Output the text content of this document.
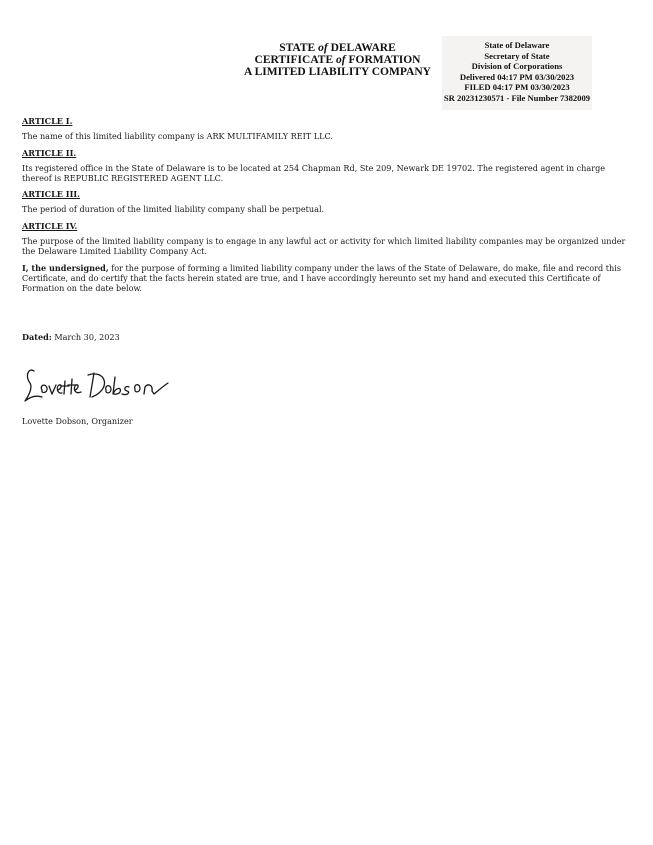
STATE of DELAWARE
CERTIFICATE of FORMATION
A LIMITED LIABILITY COMPANY
State of Delaware
Secretary of State
Division of Corporations
Delivered 04:17 PM 03/30/2023
FILED 04:17 PM 03/30/2023
SR 20231230571 - File Number 7382009
ARTICLE I.
The name of this limited liability company is ARK MULTIFAMILY REIT LLC.
ARTICLE II.
Its registered office in the State of Delaware is to be located at 254 Chapman Rd, Ste 209, Newark DE 19702. The registered agent in charge thereof is REPUBLIC REGISTERED AGENT LLC.
ARTICLE III.
The period of duration of the limited liability company shall be perpetual.
ARTICLE IV.
The purpose of the limited liability company is to engage in any lawful act or activity for which limited liability companies may be organized under the Delaware Limited Liability Company Act.
I, the undersigned, for the purpose of forming a limited liability company under the laws of the State of Delaware, do make, file and record this Certificate, and do certify that the facts herein stated are true, and I have accordingly hereunto set my hand and executed this Certificate of Formation on the date below.
Dated: March 30, 2023
Lovette Dobson, Organizer
